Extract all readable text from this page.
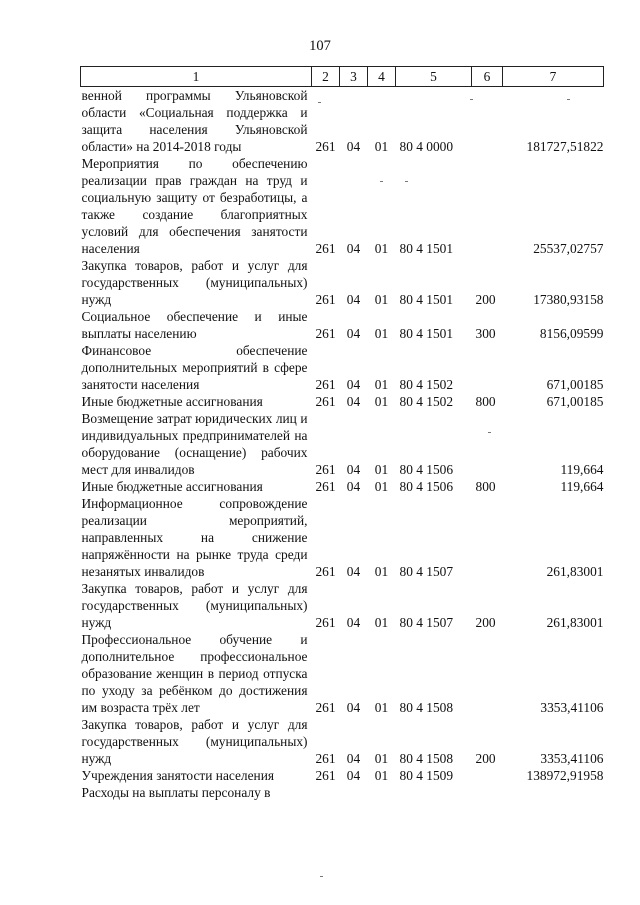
107
1	2	3	4	5	6	7
венной программы Ульяновской области «Социальная поддержка и защита населения Ульяновской области» на 2014-2018 годы	261	04	01	80 4 0000		181727,51822
Мероприятия по обеспечению реализации прав граждан на труд и социальную защиту от безработицы, а также создание благоприятных условий для обеспечения занятости населения	261	04	01	80 4 1501		25537,02757
Закупка товаров, работ и услуг для государственных (муниципальных) нужд	261	04	01	80 4 1501	200	17380,93158
Социальное обеспечение и иные выплаты населению	261	04	01	80 4 1501	300	8156,09599
Финансовое обеспечение дополнительных мероприятий в сфере занятости населения	261	04	01	80 4 1502		671,00185
Иные бюджетные ассигнования	261	04	01	80 4 1502	800	671,00185
Возмещение затрат юридических лиц и индивидуальных предпринимателей на оборудование (оснащение) рабочих мест для инвалидов	261	04	01	80 4 1506		119,664
Иные бюджетные ассигнования	261	04	01	80 4 1506	800	119,664
Информационное сопровождение реализации мероприятий, направленных на снижение напряжённости на рынке труда среди незанятых инвалидов	261	04	01	80 4 1507		261,83001
Закупка товаров, работ и услуг для государственных (муниципальных) нужд	261	04	01	80 4 1507	200	261,83001
Профессиональное обучение и дополнительное профессиональное образование женщин в период отпуска по уходу за ребёнком до достижения им возраста трёх лет	261	04	01	80 4 1508		3353,41106
Закупка товаров, работ и услуг для государственных (муниципальных) нужд	261	04	01	80 4 1508	200	3353,41106
Учреждения занятости населения	261	04	01	80 4 1509		138972,91958
Расходы на выплаты персоналу в						
